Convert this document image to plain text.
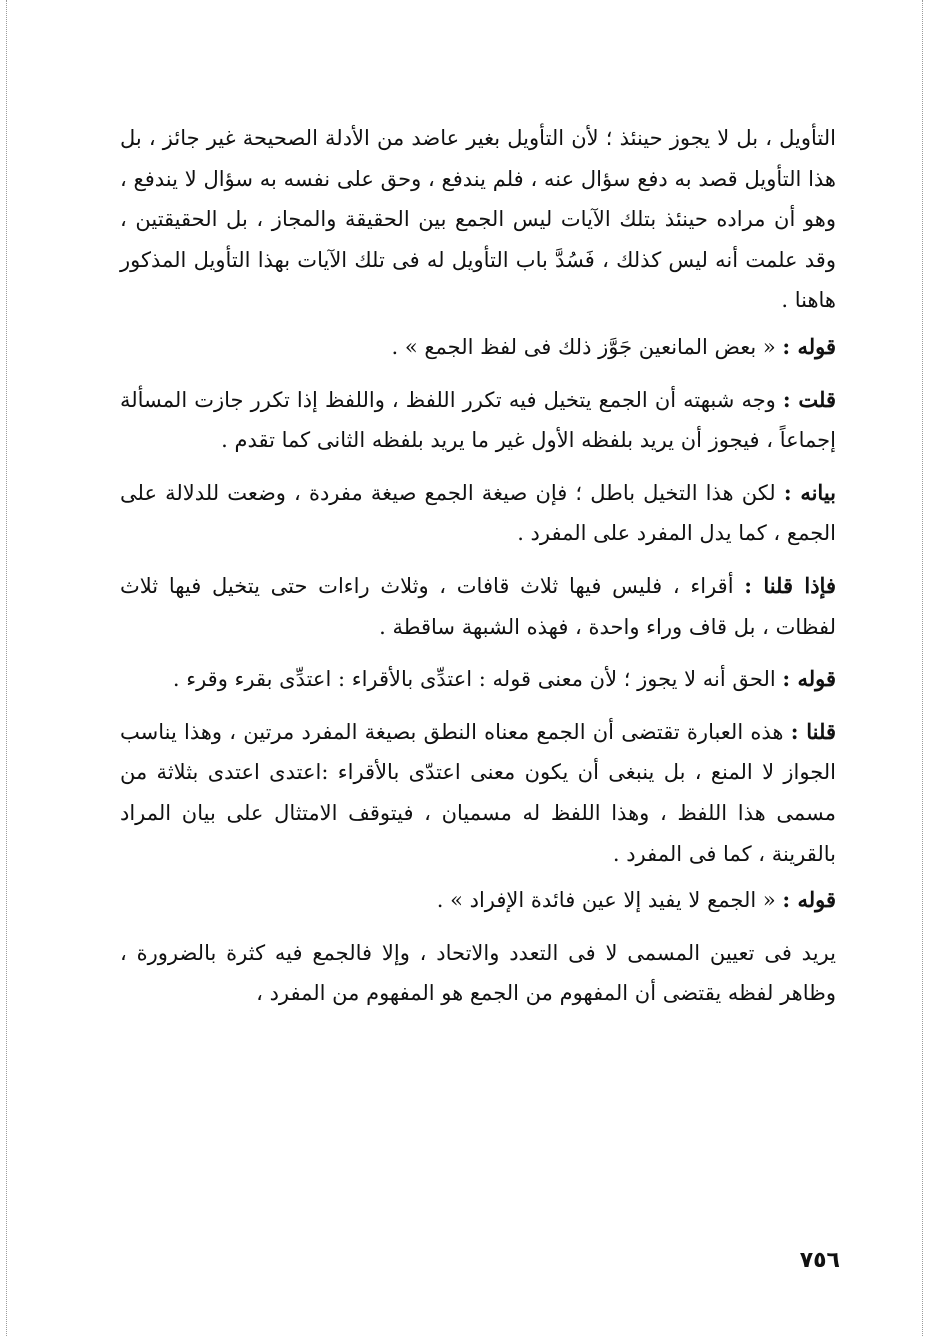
التأويل ، بل لا يجوز حينئذ ؛ لأن التأويل بغير عاضد من الأدلة الصحيحة غير جائز ، بل هذا التأويل قصد به دفع سؤال عنه ، فلم يندفع ، وحق على نفسه به سؤال لا يندفع ، وهو أن مراده حينئذ بتلك الآيات ليس الجمع بين الحقيقة والمجاز ، بل الحقيقتين ، وقد علمت أنه ليس كذلك ، فَسُدَّ باب التأويل له فى تلك الآيات بهذا التأويل المذكور هاهنا .

قوله : « بعض المانعين جَوَّز ذلك فى لفظ الجمع » .

قلت : وجه شبهته أن الجمع يتخيل فيه تكرر اللفظ ، واللفظ إذا تكرر جازت المسألة إجماعاً ، فيجوز أن يريد بلفظه الأول غير ما يريد بلفظه الثانى كما تقدم .

بيانه : لكن هذا التخيل باطل ؛ فإن صيغة الجمع صيغة مفردة ، وضعت للدلالة على الجمع ، كما يدل المفرد على المفرد .

فإذا قلنا : أقراء ، فليس فيها ثلاث قافات ، وثلاث راءات حتى يتخيل فيها ثلاث لفظات ، بل قاف وراء واحدة ، فهذه الشبهة ساقطة .

قوله : الحق أنه لا يجوز ؛ لأن معنى قوله : اعتدِّى بالأقراء : اعتدِّى بقرء وقرء .

قلنا : هذه العبارة تقتضى أن الجمع معناه النطق بصيغة المفرد مرتين ، وهذا يناسب الجواز لا المنع ، بل ينبغى أن يكون معنى اعتدّى بالأقراء :اعتدى اعتدى بثلاثة من مسمى هذا اللفظ ، وهذا اللفظ له مسميان ، فيتوقف الامتثال على بيان المراد بالقرينة ، كما فى المفرد .

قوله : « الجمع لا يفيد إلا عين فائدة الإفراد » .

يريد فى تعيين المسمى لا فى التعدد والاتحاد ، وإلا فالجمع فيه كثرة بالضرورة ، وظاهر لفظه يقتضى أن المفهوم من الجمع هو المفهوم من المفرد ،

٧٥٦
